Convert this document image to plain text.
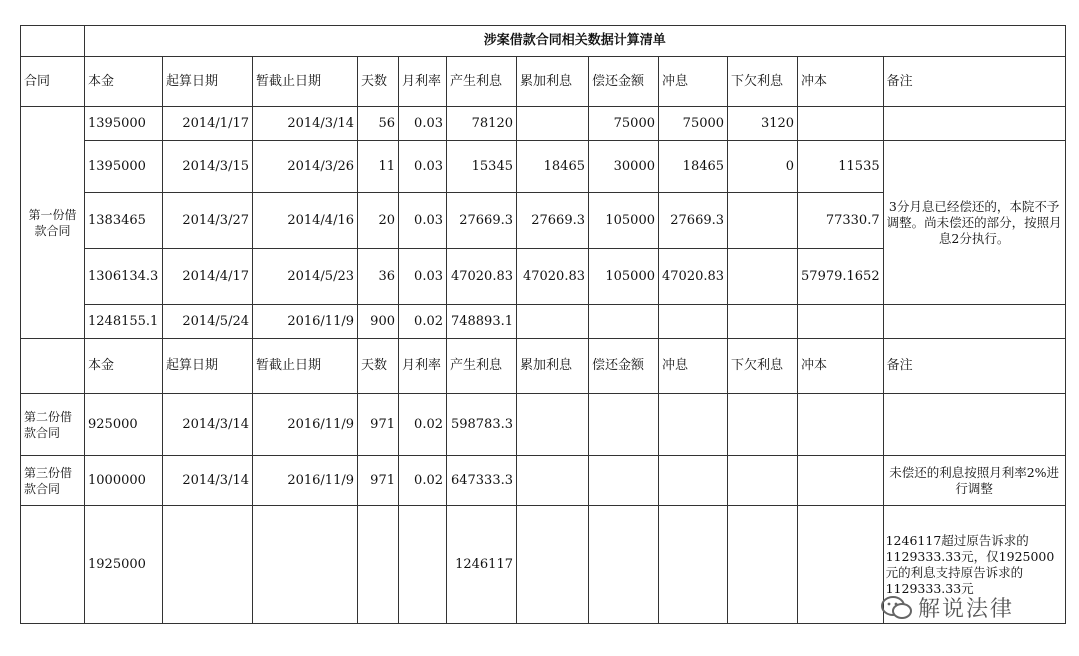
	涉案借款合同相关数据计算清单											
合同	本金	起算日期	暂截止日期	天数	月利率	产生利息	累加利息	偿还金额	冲息	下欠利息	冲本	备注
第一份借款合同	1395000	2014/1/17	2014/3/14	56	0.03	78120		75000	75000	3120		
	1395000	2014/3/15	2014/3/26	11	0.03	15345	18465	30000	18465	0	11535	3分月息已经偿还的，本院不予调整。尚未偿还的部分，按照月息2分执行。
	1383465	2014/3/27	2014/4/16	20	0.03	27669.3	27669.3	105000	27669.3		77330.7	
	1306134.3	2014/4/17	2014/5/23	36	0.03	47020.83	47020.83	105000	47020.83		57979.1652	
	1248155.1	2014/5/24	2016/11/9	900	0.02	748893.1						
	本金	起算日期	暂截止日期	天数	月利率	产生利息	累加利息	偿还金额	冲息	下欠利息	冲本	备注
第二份借款合同	925000	2014/3/14	2016/11/9	971	0.02	598783.3						
第三份借款合同	1000000	2014/3/14	2016/11/9	971	0.02	647333.3						未偿还的利息按照月利率2%进行调整
	1925000					1246117						1246117超过原告诉求的1129333.33元，仅1925000元的利息支持原告诉求的1129333.33元
解说法律
